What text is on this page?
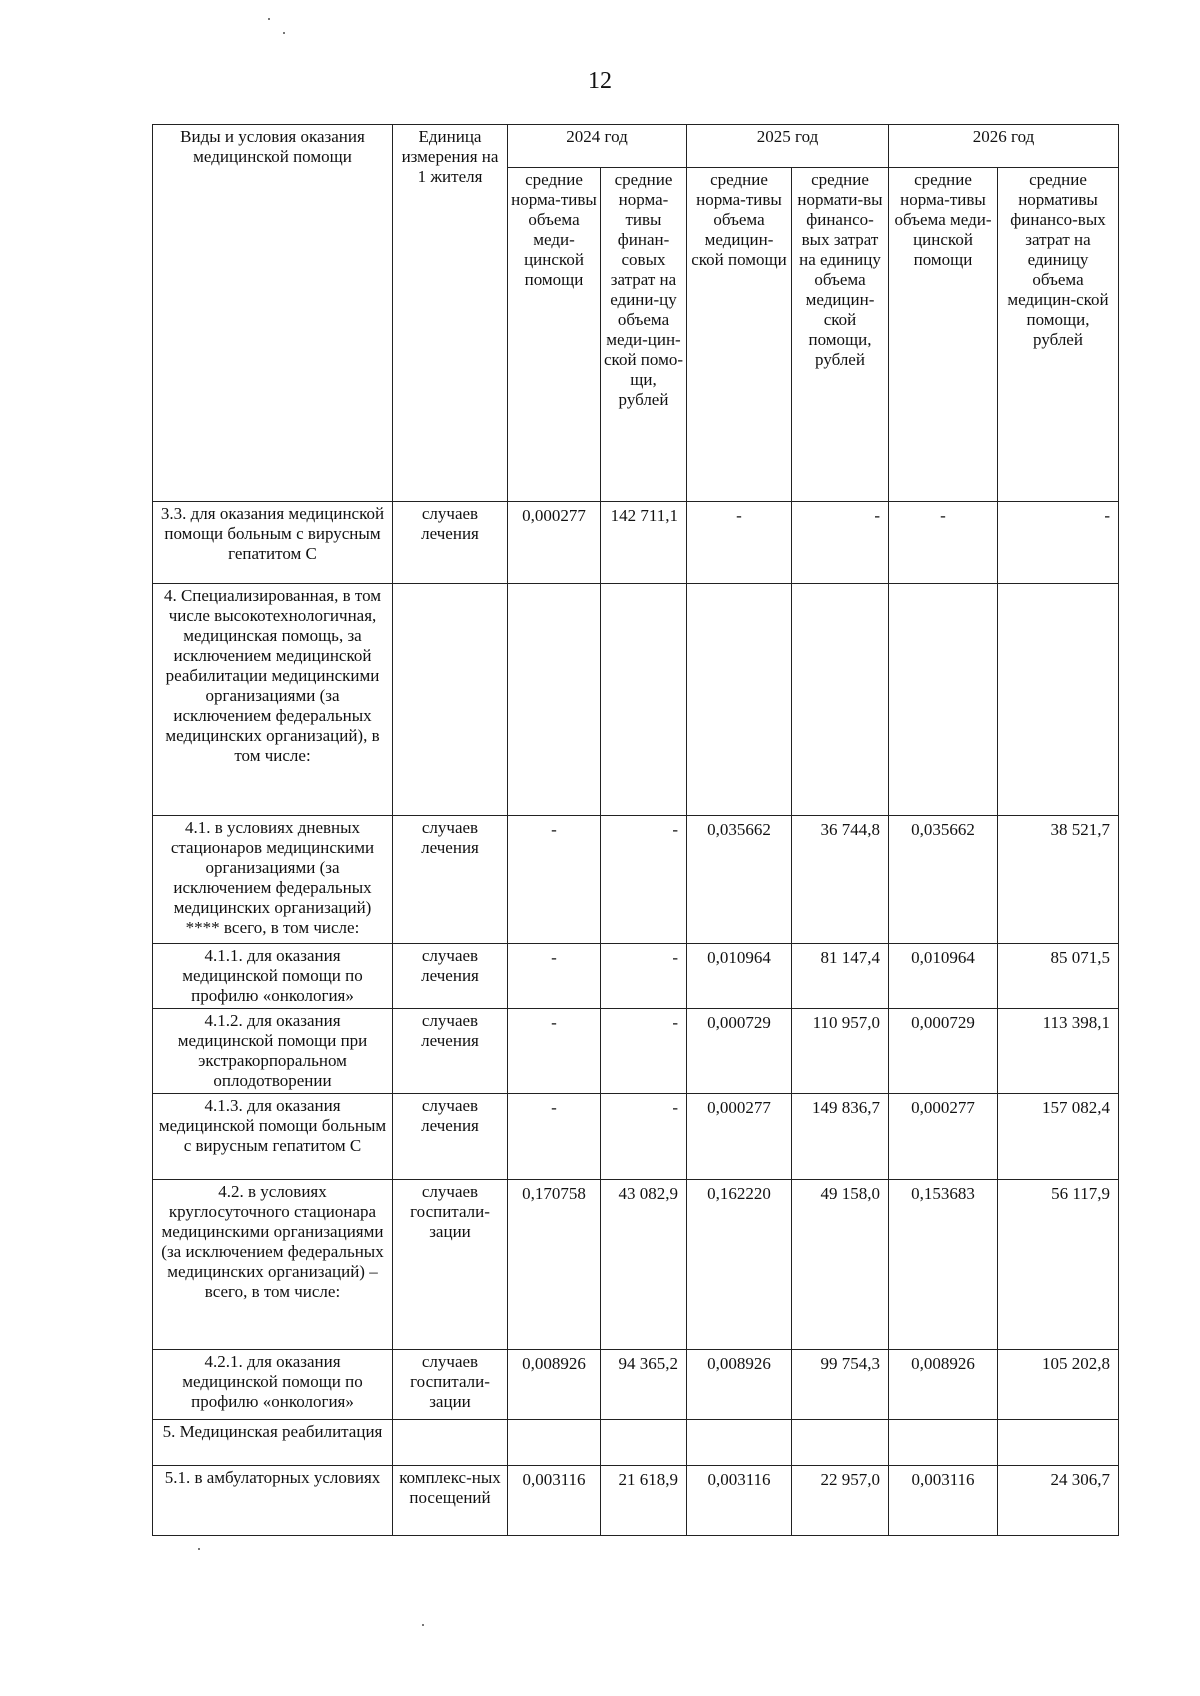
12
Виды и условия оказания медицинской помощи	Единица измерения на 1 жителя	2024 год		2025 год		2026 год	
		средние норма-тивы объема меди-цинской помощи	средние норма-тивы финан-совых затрат на едини-цу объема меди-цин-ской помо-щи, рублей	средние норма-тивы объема медицин-ской помощи	средние нормати-вы финансо-вых затрат на единицу объема медицин-ской помощи, рублей	средние норма-тивы объема меди-цинской помощи	средние нормативы финансо-вых затрат на единицу объема медицин-ской помощи, рублей
3.3. для оказания медицинской помощи больным с вирусным гепатитом С	случаев лечения	0,000277	142 711,1	-	-	-	-
4. Специализированная, в том числе высокотехнологичная, медицинская помощь, за исключением медицинской реабилитации медицинскими организациями (за исключением федеральных медицинских организаций), в том числе:							
4.1. в условиях дневных стационаров медицинскими организациями (за исключением федеральных медицинских организаций) **** всего, в том числе:	случаев лечения	-	-	0,035662	36 744,8	0,035662	38 521,7
4.1.1. для оказания медицинской помощи по профилю «онкология»	случаев лечения	-	-	0,010964	81 147,4	0,010964	85 071,5
4.1.2. для оказания медицинской помощи при экстракорпоральном оплодотворении	случаев лечения	-	-	0,000729	110 957,0	0,000729	113 398,1
4.1.3. для оказания медицинской помощи больным с вирусным гепатитом С	случаев лечения	-	-	0,000277	149 836,7	0,000277	157 082,4
4.2. в условиях круглосуточного стационара медицинскими организациями (за исключением федеральных медицинских организаций) – всего, в том числе:	случаев госпитали-зации	0,170758	43 082,9	0,162220	49 158,0	0,153683	56 117,9
4.2.1. для оказания медицинской помощи по профилю «онкология»	случаев госпитали-зации	0,008926	94 365,2	0,008926	99 754,3	0,008926	105 202,8
5. Медицинская реабилитация							
5.1. в амбулаторных условиях	комплекс-ных посещений	0,003116	21 618,9	0,003116	22 957,0	0,003116	24 306,7
